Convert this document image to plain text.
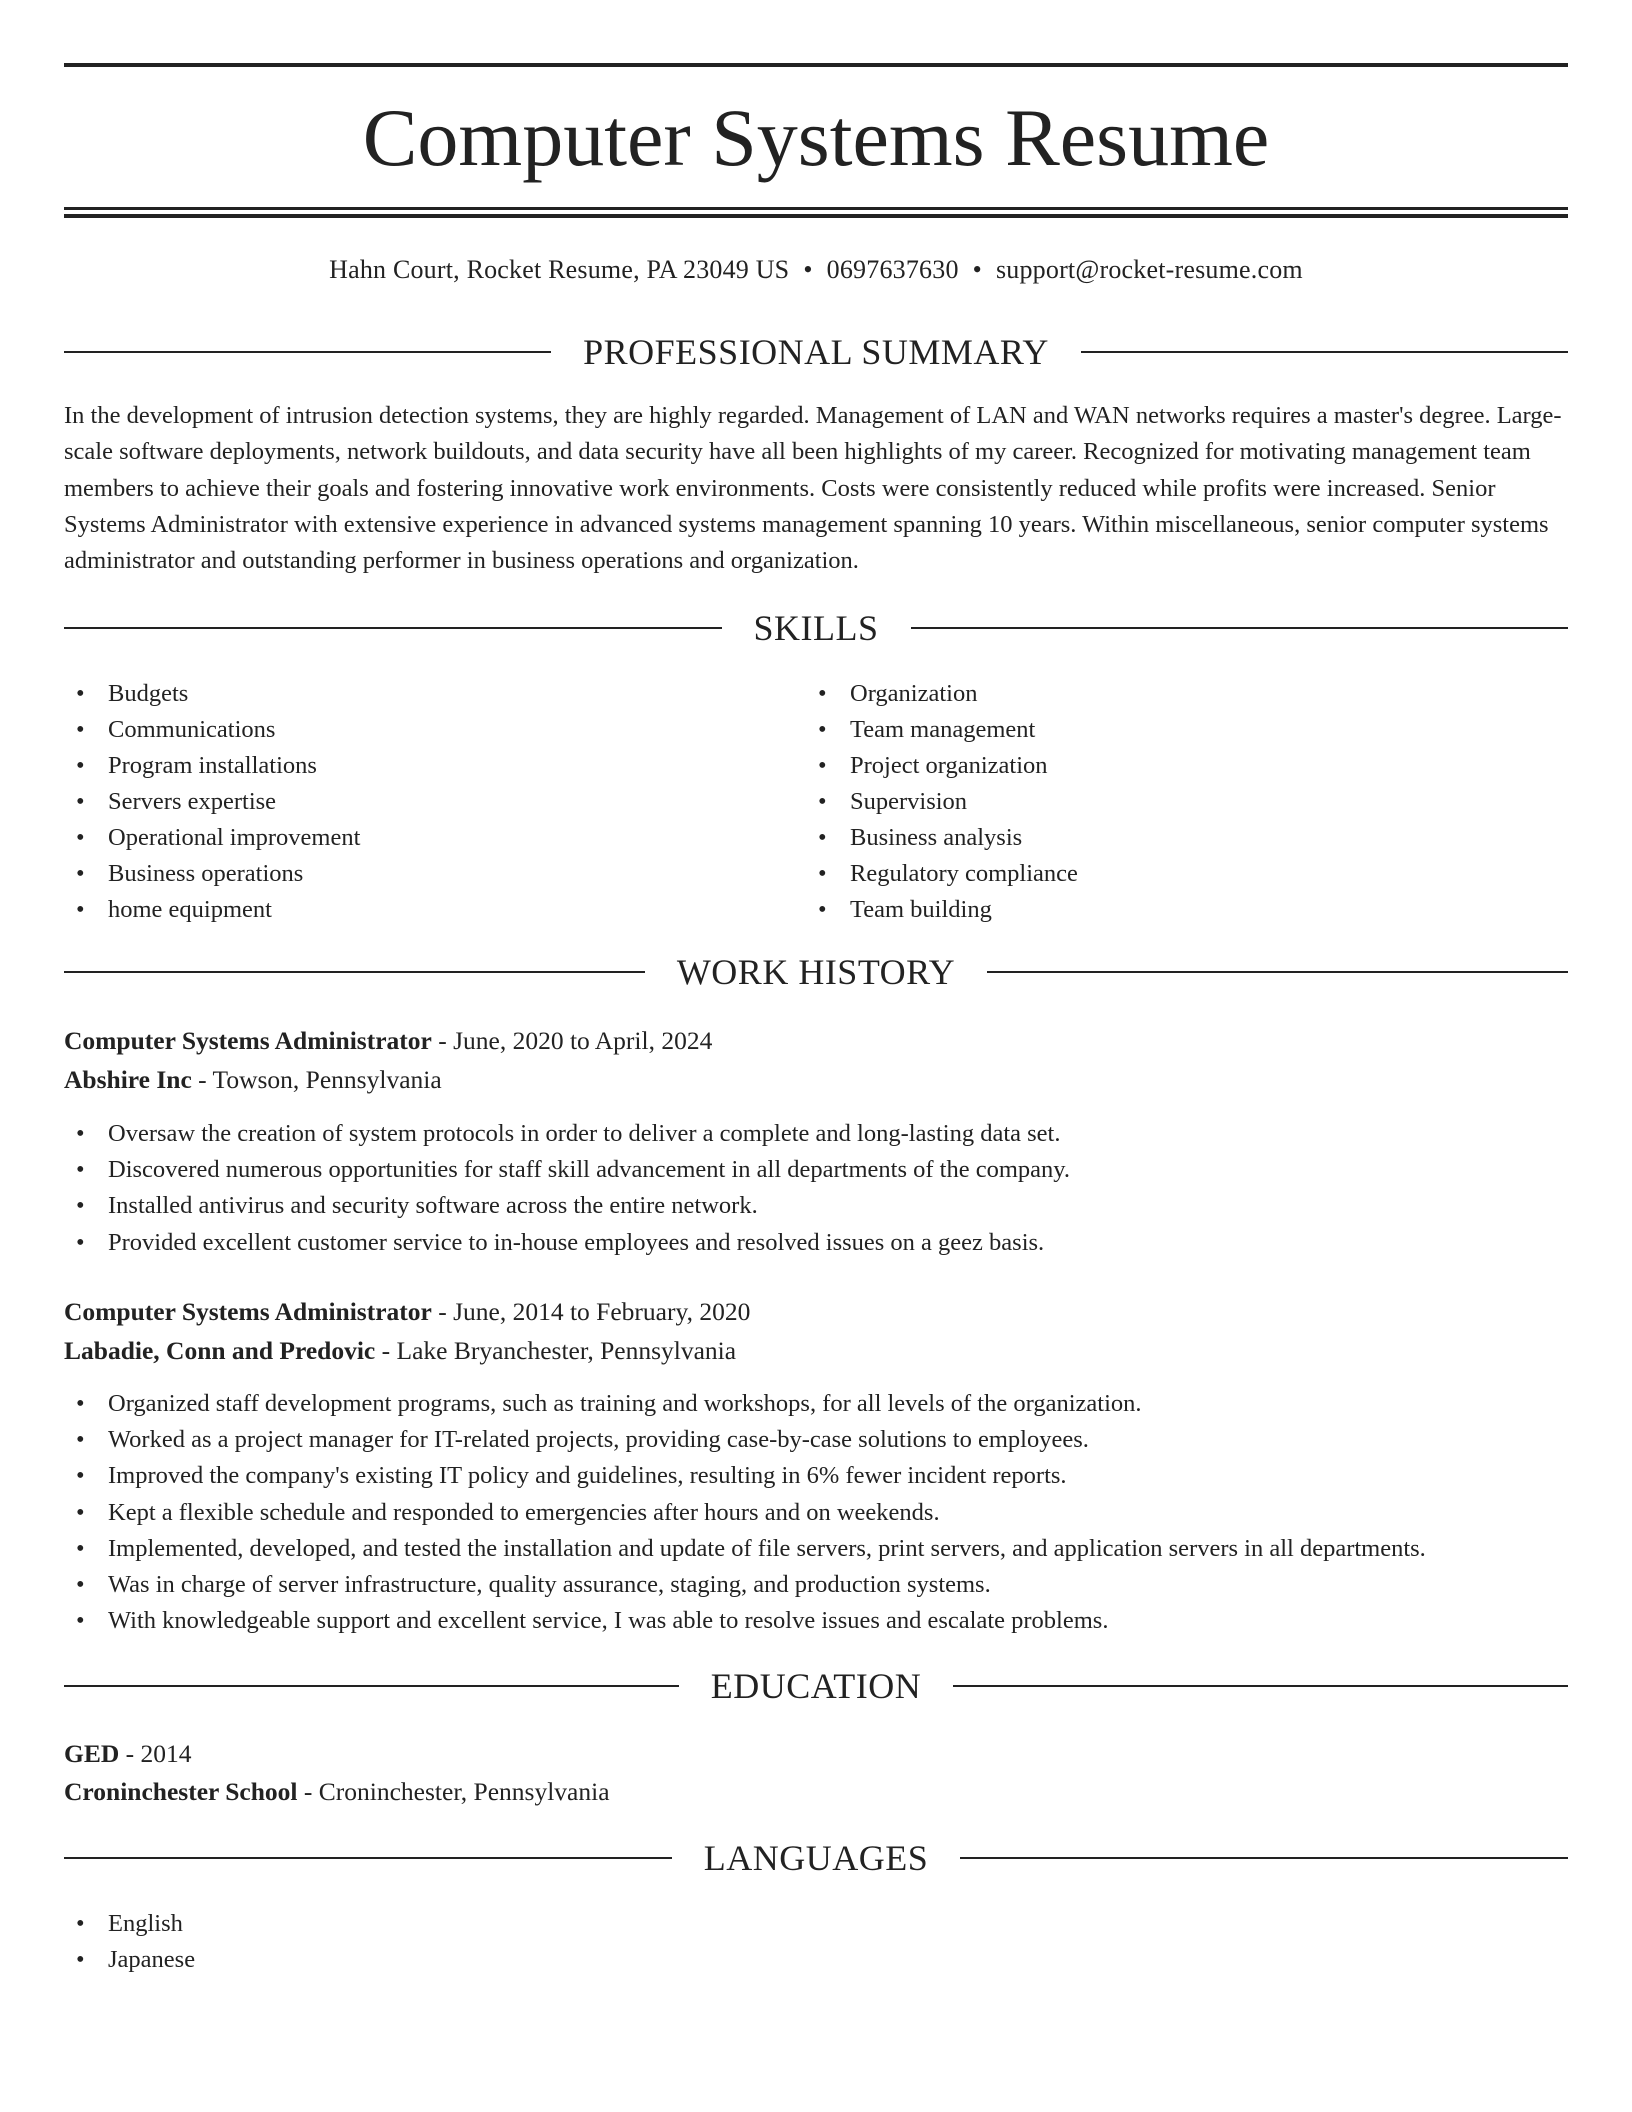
Computer Systems Resume
Hahn Court, Rocket Resume, PA 23049 US • 0697637630 • support@rocket-resume.com
PROFESSIONAL SUMMARY

In the development of intrusion detection systems, they are highly regarded. Management of LAN and WAN networks requires a master's degree. Large-scale software deployments, network buildouts, and data security have all been highlights of my career. Recognized for motivating management team members to achieve their goals and fostering innovative work environments. Costs were consistently reduced while profits were increased. Senior Systems Administrator with extensive experience in advanced systems management spanning 10 years. Within miscellaneous, senior computer systems administrator and outstanding performer in business operations and organization.

SKILLS
• Budgets
• Communications
• Program installations
• Servers expertise
• Operational improvement
• Business operations
• home equipment
• Organization
• Team management
• Project organization
• Supervision
• Business analysis
• Regulatory compliance
• Team building
WORK HISTORY
Computer Systems Administrator - June, 2020 to April, 2024
Abshire Inc - Towson, Pennsylvania
• Oversaw the creation of system protocols in order to deliver a complete and long-lasting data set.
• Discovered numerous opportunities for staff skill advancement in all departments of the company.
• Installed antivirus and security software across the entire network.
• Provided excellent customer service to in-house employees and resolved issues on a geez basis.
Computer Systems Administrator - June, 2014 to February, 2020
Labadie, Conn and Predovic - Lake Bryanchester, Pennsylvania
• Organized staff development programs, such as training and workshops, for all levels of the organization.
• Worked as a project manager for IT-related projects, providing case-by-case solutions to employees.
• Improved the company's existing IT policy and guidelines, resulting in 6% fewer incident reports.
• Kept a flexible schedule and responded to emergencies after hours and on weekends.
• Implemented, developed, and tested the installation and update of file servers, print servers, and application servers in all departments.
• Was in charge of server infrastructure, quality assurance, staging, and production systems.
• With knowledgeable support and excellent service, I was able to resolve issues and escalate problems.
EDUCATION
GED - 2014
Croninchester School - Croninchester, Pennsylvania
LANGUAGES
• English
• Japanese
